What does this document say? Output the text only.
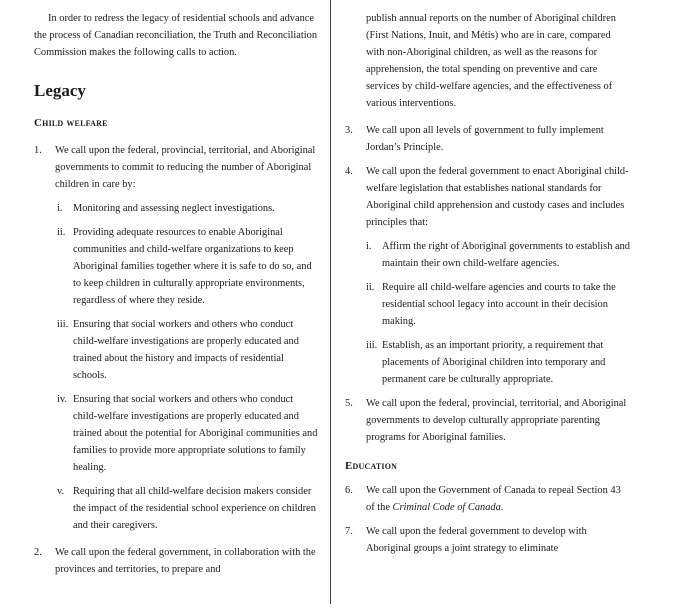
In order to redress the legacy of residential schools and advance the process of Canadian reconciliation, the Truth and Reconciliation Commission makes the following calls to action.

Legacy
Child welfare
1. We call upon the federal, provincial, territorial, and Aboriginal governments to commit to reducing the number of Aboriginal children in care by:
i. Monitoring and assessing neglect investigations.
ii. Providing adequate resources to enable Aboriginal communities and child-welfare organizations to keep Aboriginal families together where it is safe to do so, and to keep children in culturally appropriate environments, regardless of where they reside.
iii. Ensuring that social workers and others who conduct child-welfare investigations are properly educated and trained about the history and impacts of residential schools.
iv. Ensuring that social workers and others who conduct child-welfare investigations are properly educated and trained about the potential for Aboriginal communities and families to provide more appropriate solutions to family healing.
v. Requiring that all child-welfare decision makers consider the impact of the residential school experience on children and their caregivers.
2. We call upon the federal government, in collaboration with the provinces and territories, to prepare and

publish annual reports on the number of Aboriginal children (First Nations, Inuit, and Métis) who are in care, compared with non-Aboriginal children, as well as the reasons for apprehension, the total spending on preventive and care services by child-welfare agencies, and the effectiveness of various interventions.

3. We call upon all levels of government to fully implement Jordan’s Principle.
4. We call upon the federal government to enact Aboriginal child-welfare legislation that establishes national standards for Aboriginal child apprehension and custody cases and includes principles that:
i. Affirm the right of Aboriginal governments to establish and maintain their own child-welfare agencies.
ii. Require all child-welfare agencies and courts to take the residential school legacy into account in their decision making.
iii. Establish, as an important priority, a requirement that placements of Aboriginal children into temporary and permanent care be culturally appropriate.
5. We call upon the federal, provincial, territorial, and Aboriginal governments to develop culturally appropriate parenting programs for Aboriginal families.
Education
6. We call upon the Government of Canada to repeal Section 43 of the Criminal Code of Canada.
7. We call upon the federal government to develop with Aboriginal groups a joint strategy to eliminate
